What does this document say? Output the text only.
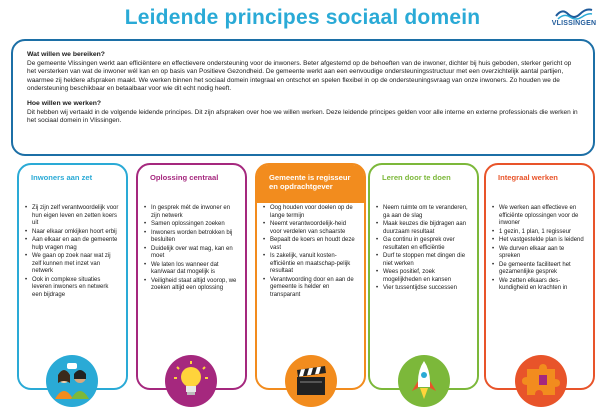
Leidende principes sociaal domein	VLISSINGEN
Wat willen we bereiken?

De gemeente Vlissingen werkt aan efficiëntere en effectievere ondersteuning voor de inwoners. Beter afgestemd op de behoeften van de inwoner, dichter bij huis geboden, sterker gericht op het versterken van wat de inwoner wél kan en op basis van Positieve Gezondheid. De gemeente werkt aan een eenvoudige ondersteuningsstructuur met een overzichtelijk aantal partijen, waarmee zij heldere afspraken maakt. We werken binnen het sociaal domein integraal en ontschot en spelen flexibel in op de ondersteuningsvraag van onze inwoners. Zo houden we de ondersteuning beschikbaar en betaalbaar voor wie dit echt nodig heeft.

Hoe willen we werken?

Dit hebben wij vertaald in de volgende leidende principes. Dit zijn afspraken over hoe we willen werken. Deze leidende principes gelden voor alle interne en externe professionals die werken in het sociaal domein in Vlissingen.

Inwoners aan zet
• Zij zijn zelf verantwoordelijk voor hun eigen leven en zetten koers uit
• Naar elkaar omkijken hoort erbij
• Aan elkaar en aan de gemeente hulp vragen mag
• We gaan op zoek naar wat zij zelf kunnen met inzet van netwerk
• Ook in complexe situaties leveren inwoners en netwerk een bijdrage
Oplossing centraal
• In gesprek mét de inwoner en zijn netwerk
• Samen oplossingen zoeken
• Inwoners worden betrokken bij besluiten
• Duidelijk over wat mag, kan en moet
• We laten los wanneer dat kan/waar dat mogelijk is
• Veiligheid staat altijd voorop, we zoeken altijd een oplossing
Gemeente is regisseur en opdrachtgever
• Oog houden voor doelen op de lange termijn
• Neemt verantwoordelijk-heid voor verdelen van schaarste
• Bepaalt de koers en houdt deze vast
• Is zakelijk, vanuit kosten-efficiëntie en maatschap-pelijk resultaat
• Verantwoording door en aan de gemeente is helder en transparant
Leren door te doen
• Neem ruimte om te veranderen, ga aan de slag
• Maak keuzes die bijdragen aan duurzaam resultaat
• Ga continu in gesprek over resultaten en efficiëntie
• Durf te stoppen met dingen die niet werken
• Wees positief, zoek mogelijkheden en kansen
• Vier tussentijdse successen
Integraal werken
• We werken aan effectieve en efficiënte oplossingen voor de inwoner
• 1 gezin, 1 plan, 1 regisseur
• Het vastgestelde plan is leidend
• We durven elkaar aan te spreken
• De gemeente faciliteert het gezamenlijke gesprek
• We zetten elkaars des-kundigheid en krachten in
